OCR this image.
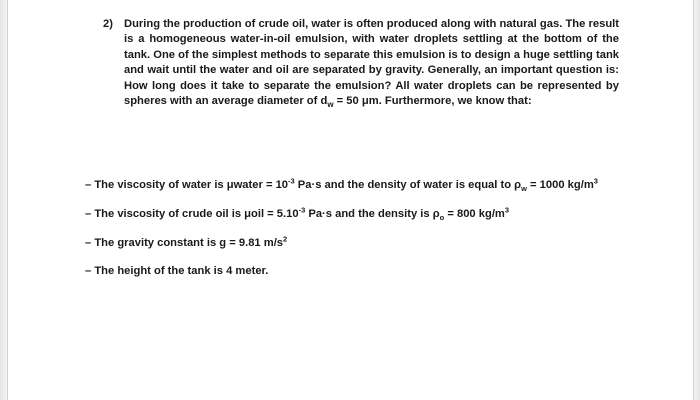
2) During the production of crude oil, water is often produced along with natural gas. The result is a homogeneous water-in-oil emulsion, with water droplets settling at the bottom of the tank. One of the simplest methods to separate this emulsion is to design a huge settling tank and wait until the water and oil are separated by gravity. Generally, an important question is: How long does it take to separate the emulsion? All water droplets can be represented by spheres with an average diameter of $d_w = 50$ μm. Furthermore, we know that:
– The viscosity of water is μwater = $10^{-3}$ Pa·s and the density of water is equal to $\rho_w = 1000$ $kg/m^3$
– The viscosity of crude oil is $\mu oil = 5.10^{-3}$ Pa·s and the density is $\rho_o = 800$ $kg/m^3$
– The gravity constant is g = 9.81 $m/s^2$
– The height of the tank is 4 meter.
